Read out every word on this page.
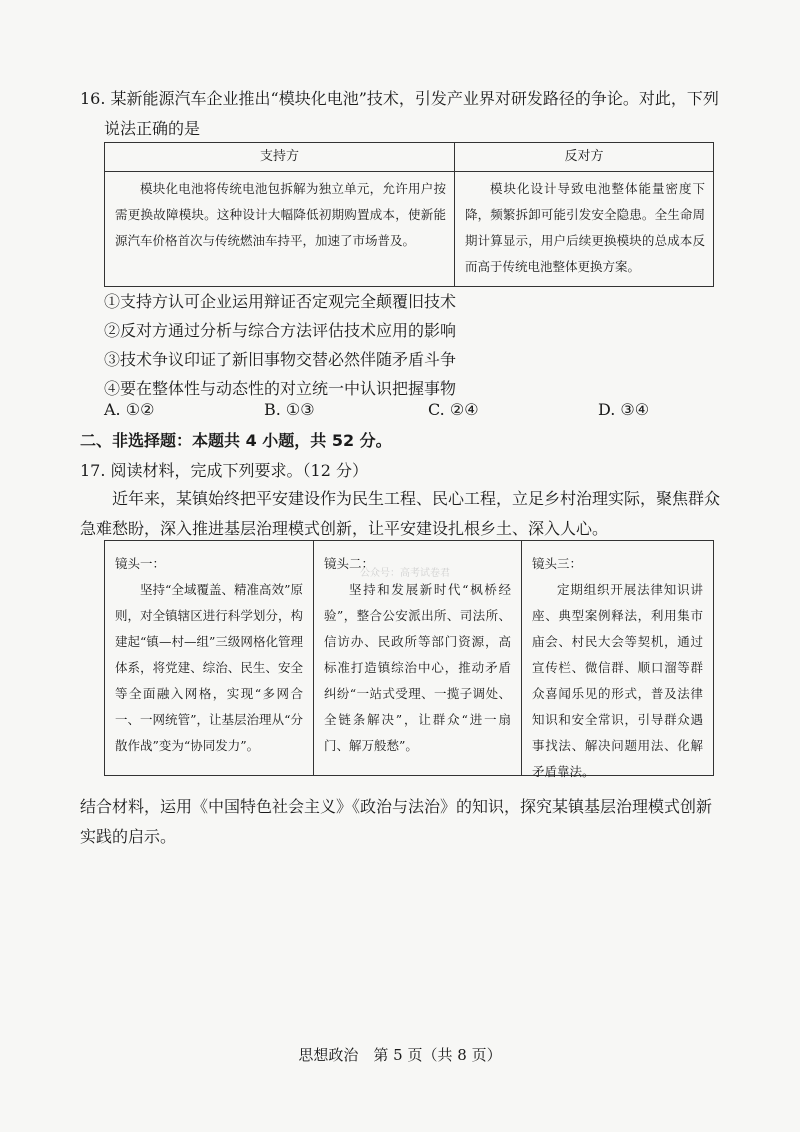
16. 某新能源汽车企业推出“模块化电池”技术，引发产业界对研发路径的争论。对此，下列说法正确的是
支持方	反对方
模块化电池将传统电池包拆解为独立单元，允许用户按需更换故障模块。这种设计大幅降低初期购置成本，使新能源汽车价格首次与传统燃油车持平，加速了市场普及。	模块化设计导致电池整体能量密度下降，频繁拆卸可能引发安全隐患。全生命周期计算显示，用户后续更换模块的总成本反而高于传统电池整体更换方案。
①支持方认可企业运用辩证否定观完全颠覆旧技术
②反对方通过分析与综合方法评估技术应用的影响
③技术争议印证了新旧事物交替必然伴随矛盾斗争
④要在整体性与动态性的对立统一中认识把握事物
A. ①②	B. ①③	C. ②④	D. ③④
二、非选择题：本题共 4 小题，共 52 分。
17. 阅读材料，完成下列要求。（12 分）
近年来，某镇始终把平安建设作为民生工程、民心工程，立足乡村治理实际，聚焦群众急难愁盼，深入推进基层治理模式创新，让平安建设扎根乡土、深入人心。
镜头一：
坚持“全域覆盖、精准高效”原则，对全镇辖区进行科学划分，构建起“镇—村—组”三级网格化管理体系，将党建、综治、民生、安全等全面融入网格，实现“多网合一、一网统管”，让基层治理从“分散作战”变为“协同发力”。
镜头二：
坚持和发展新时代“枫桥经验”，整合公安派出所、司法所、信访办、民政所等部门资源，高标准打造镇综治中心，推动矛盾纠纷“一站式受理、一揽子调处、全链条解决”，让群众“进一扇门、解万般愁”。
镜头三：
定期组织开展法律知识讲座、典型案例释法，利用集市庙会、村民大会等契机，通过宣传栏、微信群、顺口溜等群众喜闻乐见的形式，普及法律知识和安全常识，引导群众遇事找法、解决问题用法、化解矛盾靠法。
公众号：高考试卷君
结合材料，运用《中国特色社会主义》《政治与法治》的知识，探究某镇基层治理模式创新实践的启示。
思想政治　第 5 页（共 8 页）
